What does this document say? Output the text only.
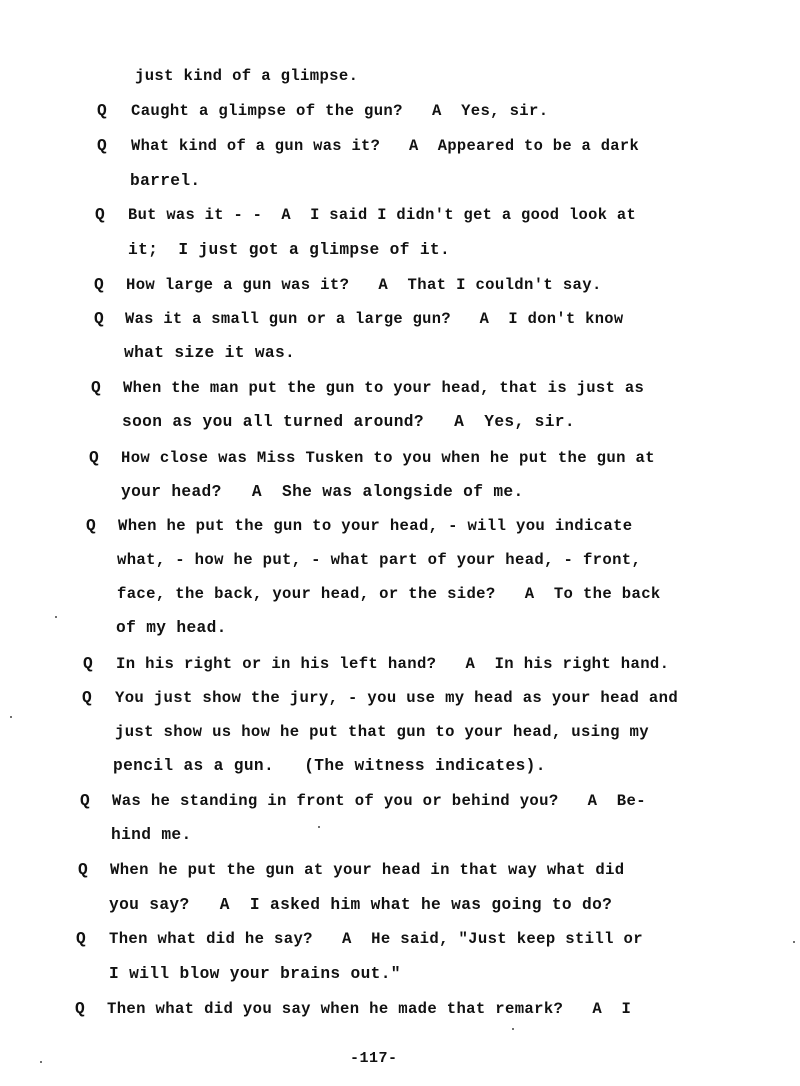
just kind of a glimpse.
Q Caught a glimpse of the gun?   A  Yes, sir.
Q What kind of a gun was it?   A  Appeared to be a dark
barrel.
Q But was it - -  A  I said I didn't get a good look at
it;  I just got a glimpse of it.
Q How large a gun was it?   A  That I couldn't say.
Q Was it a small gun or a large gun?   A  I don't know
what size it was.
Q When the man put the gun to your head, that is just as
soon as you all turned around?   A  Yes, sir.
Q How close was Miss Tusken to you when he put the gun at
your head?   A  She was alongside of me.
Q When he put the gun to your head, - will you indicate
what, - how he put, - what part of your head, - front,
face, the back, your head, or the side?   A  To the back
of my head.
Q In his right or in his left hand?   A  In his right hand.
Q You just show the jury, - you use my head as your head and
just show us how he put that gun to your head, using my
pencil as a gun.   (The witness indicates).
Q Was he standing in front of you or behind you?   A  Be-
hind me.
Q When he put the gun at your head in that way what did
you say?   A  I asked him what he was going to do?
Q Then what did he say?   A  He said, "Just keep still or
I will blow your brains out."
Q Then what did you say when he made that remark?   A  I
-117-
